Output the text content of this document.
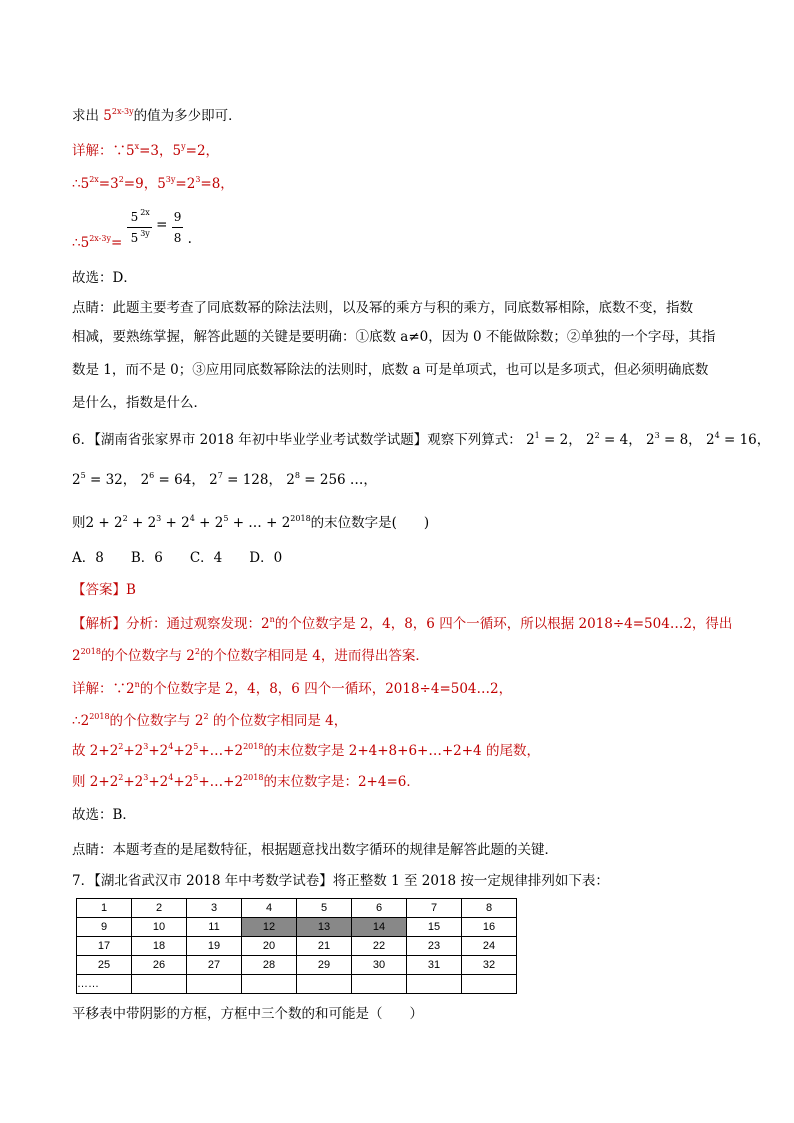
求出 $5^{2x-3y}$的值为多少即可．
详解：$\because 5^x=3$，$5^y=2$，
$\therefore 5^{2x}=3^2=9$，$5^{3y}=2^3=8$，
$\therefore 5^{2x-3y}= \frac{5 ^{2x}}{5 ^{3y}} = \frac{9}{8}$ .
故选：D．
点睛：此题主要考查了同底数幂的除法法则，以及幂的乘方与积的乘方，同底数幂相除，底数不变，指数
相减，要熟练掌握，解答此题的关键是要明确：①底数 a≠0，因为 0 不能做除数；②单独的一个字母，其指
数是 1，而不是 0；③应用同底数幂除法的法则时，底数 a 可是单项式，也可以是多项式，但必须明确底数
是什么，指数是什么．
6．【湖南省张家界市 2018 年初中毕业学业考试数学试题】观察下列算式： $2^1 = 2$， $2^2 = 4$， $2^3 = 8$， $2^4 = 16$，
$2^5 = 32$， $2^6 = 64$， $2^7 = 128$， $2^8 = 256$ …，
则$2 + 2^2 + 2^3 + 2^4 + 2^5$ + … + $2^{2018}$的末位数字是(　　)
A．8　　B．6　　C．4　　D．0
【答案】B
【解析】分析：通过观察发现：2$^n$的个位数字是 2，4，8，6 四个一循环，所以根据 2018÷4=504…2，得出
$2^{2018}$的个位数字与 $2^2$的个位数字相同是 4，进而得出答案．
详解：∵2$^n$的个位数字是 2，4，8，6 四个一循环，2018÷4=504…2，
$\therefore 2^{2018}$的个位数字与 $2^2$ 的个位数字相同是 4，
故 $2+2^2+2^3+2^4+2^5+\dots+2^{2018}$的末位数字是 2+4+8+6+…+2+4 的尾数，
则 $2+2^2+2^3+2^4+2^5+\dots+2^{2018}$的末位数字是：2+4=6．
故选：B．
点睛：本题考查的是尾数特征，根据题意找出数字循环的规律是解答此题的关键．
7．【湖北省武汉市 2018 年中考数学试卷】将正整数 1 至 2018 按一定规律排列如下表：
1	2	3	4	5	6	7	8
9	10	11	12	13	14	15	16
17	18	19	20	21	22	23	24
25	26	27	28	29	30	31	32
……							
平移表中带阴影的方框，方框中三个数的和可能是（　　）
